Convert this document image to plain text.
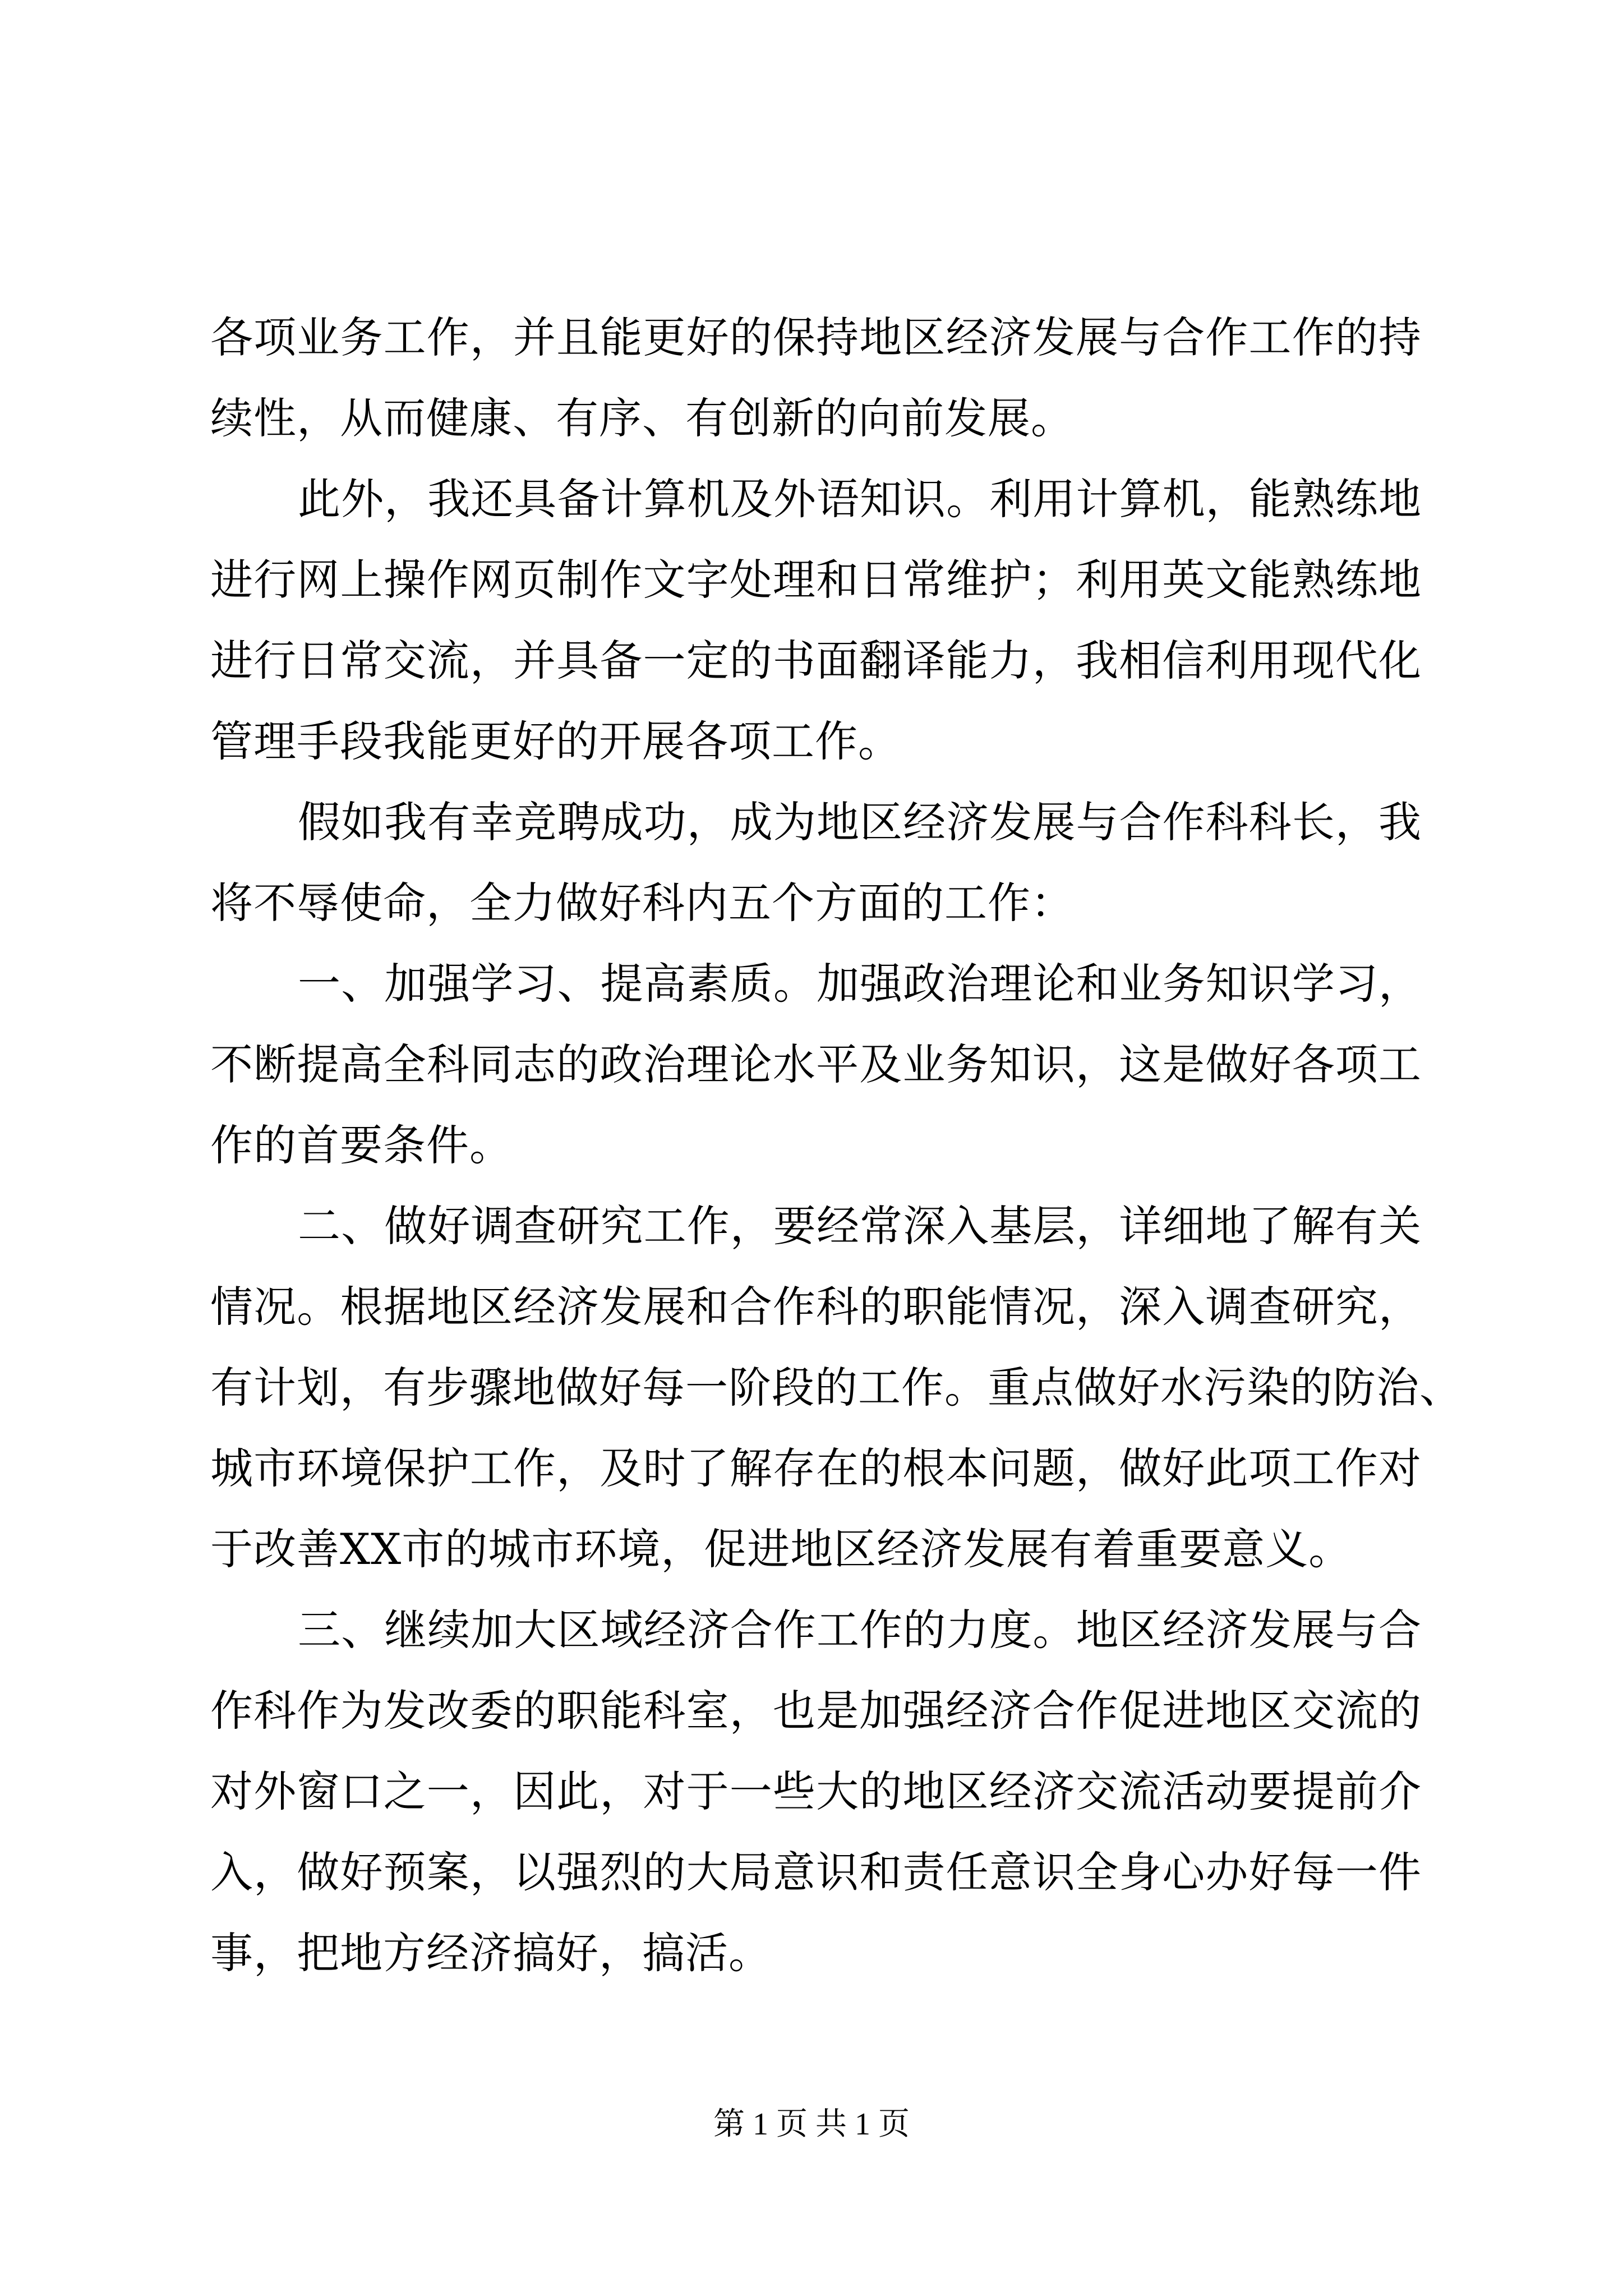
各项业务工作，并且能更好的保持地区经济发展与合作工作的持
续性，从而健康、有序、有创新的向前发展。
此外，我还具备计算机及外语知识。利用计算机，能熟练地
进行网上操作网页制作文字处理和日常维护；利用英文能熟练地
进行日常交流，并具备一定的书面翻译能力，我相信利用现代化
管理手段我能更好的开展各项工作。
假如我有幸竞聘成功，成为地区经济发展与合作科科长，我
将不辱使命，全力做好科内五个方面的工作：
一、加强学习、提高素质。加强政治理论和业务知识学习，
不断提高全科同志的政治理论水平及业务知识，这是做好各项工
作的首要条件。
二、做好调查研究工作，要经常深入基层，详细地了解有关
情况。根据地区经济发展和合作科的职能情况，深入调查研究，
有计划，有步骤地做好每一阶段的工作。重点做好水污染的防治、
城市环境保护工作，及时了解存在的根本问题，做好此项工作对
于改善XX市的城市环境，促进地区经济发展有着重要意义。
三、继续加大区域经济合作工作的力度。地区经济发展与合
作科作为发改委的职能科室，也是加强经济合作促进地区交流的
对外窗口之一，因此，对于一些大的地区经济交流活动要提前介
入，做好预案，以强烈的大局意识和责任意识全身心办好每一件
事，把地方经济搞好，搞活。
第 1 页 共 1 页
